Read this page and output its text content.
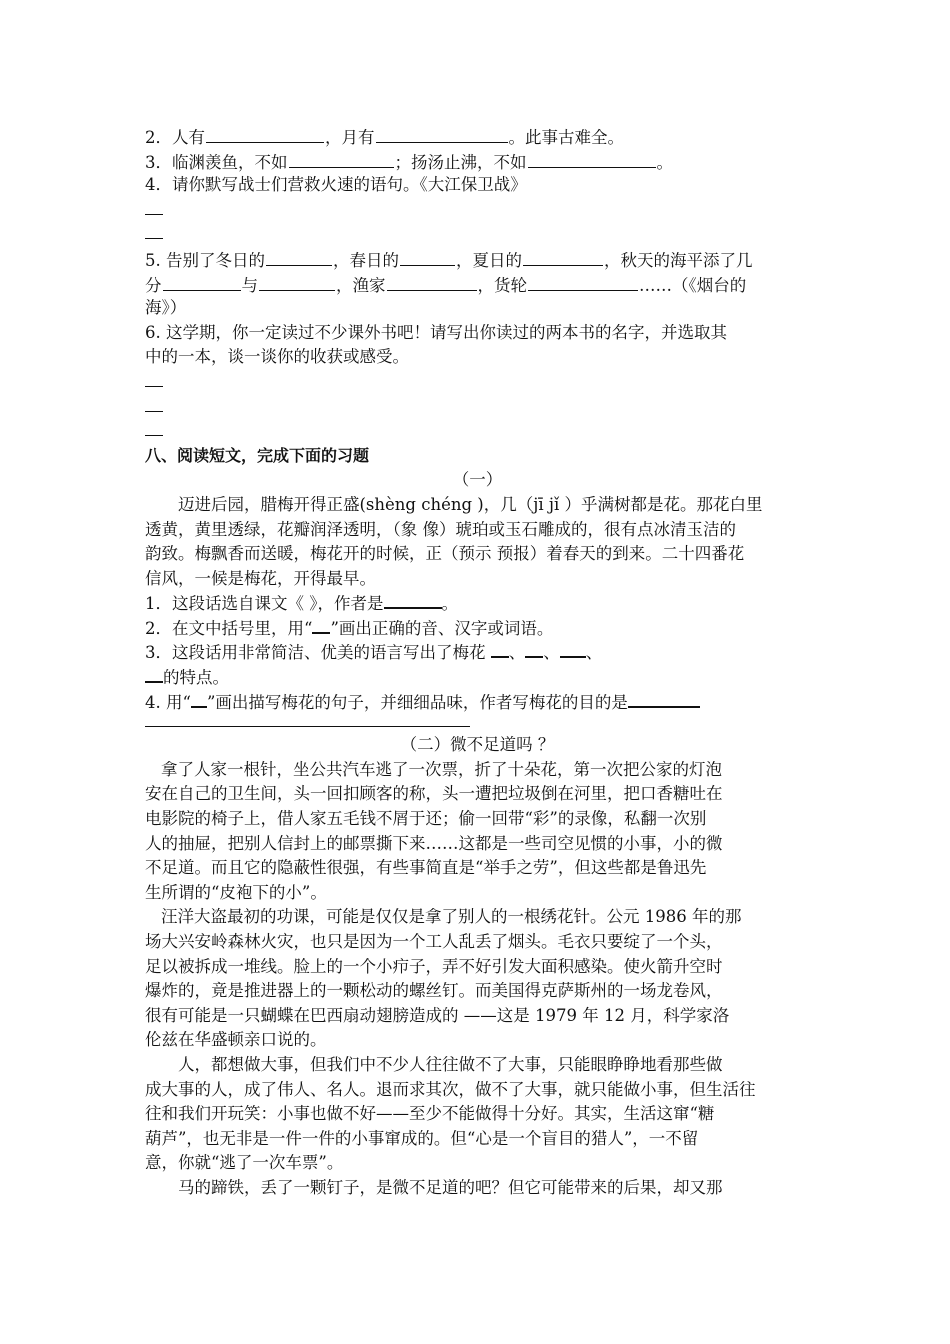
2．人有	，月有	。此事古难全。
3．临渊羡鱼，不如	；扬汤止沸，不如	。
4．请你默写战士们营救火速的语句。《大江保卫战》
5. 告别了冬日的	，春日的	，夏日的	，秋天的海平添了几
分	与	，渔家	，货轮	……（《烟台的
海》）
6. 这学期，你一定读过不少课外书吧！请写出你读过的两本书的名字，并选取其
中的一本，谈一谈你的收获或感受。
八、阅读短文，完成下面的习题
（一）
迈进后园，腊梅开得正盛(shèng chéng )，几（jī jǐ ）乎满树都是花。那花白里
透黄，黄里透绿，花瓣润泽透明，（象 像）琥珀或玉石雕成的，很有点冰清玉洁的
韵致。梅飘香而送暖，梅花开的时候，正（预示 预报）着春天的到来。二十四番花
信风，一候是梅花，开得最早。
1．这段话选自课文《 》，作者是	。
2．在文中括号里，用“ ”画出正确的音、汉字或词语。
3．这段话用非常简洁、优美的语言写出了梅花 、 、 、
的特点。
4. 用“ ”画出描写梅花的句子，并细细品味，作者写梅花的目的是
（二）微不足道吗 ？
拿了人家一根针，坐公共汽车逃了一次票，折了十朵花，第一次把公家的灯泡
安在自己的卫生间，头一回扣顾客的称，头一遭把垃圾倒在河里，把口香糖吐在
电影院的椅子上，借人家五毛钱不屑于还；偷一回带“彩”的录像，私翻一次别
人的抽屉，把别人信封上的邮票撕下来……这都是一些司空见惯的小事，小的微
不足道。而且它的隐蔽性很强，有些事简直是“举手之劳”，但这些都是鲁迅先
生所谓的“皮袍下的小”。
汪洋大盗最初的功课，可能是仅仅是拿了别人的一根绣花针。公元 1986 年的那
场大兴安岭森林火灾，也只是因为一个工人乱丢了烟头。毛衣只要绽了一个头，
足以被拆成一堆线。脸上的一个小疖子，弄不好引发大面积感染。使火箭升空时
爆炸的，竟是推进器上的一颗松动的螺丝钉。而美国得克萨斯州的一场龙卷风，
很有可能是一只蝴蝶在巴西扇动翅膀造成的 ——这是 1979 年 12 月，科学家洛
伦兹在华盛顿亲口说的。
人，都想做大事，但我们中不少人往往做不了大事，只能眼睁睁地看那些做
成大事的人，成了伟人、名人。退而求其次，做不了大事，就只能做小事，但生活往
往和我们开玩笑：小事也做不好——至少不能做得十分好。其实，生活这窜“糖
葫芦”，也无非是一件一件的小事窜成的。但“心是一个盲目的猎人”，一不留
意，你就“逃了一次车票”。
马的蹄铁，丢了一颗钉子，是微不足道的吧？但它可能带来的后果，却又那
